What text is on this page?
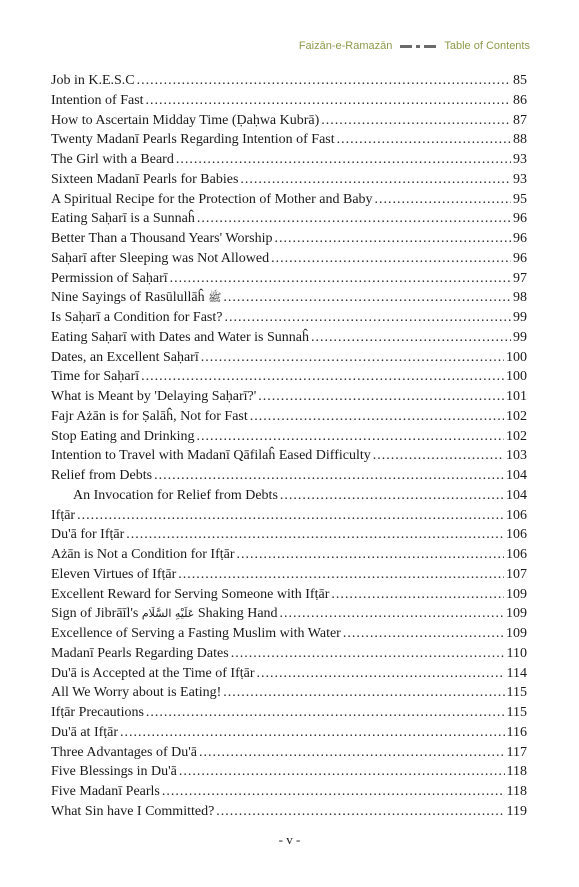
Faizān-e-Ramazān	Table of Contents
Job in K.E.S.C .....	85
Intention of Fast .....	86
How to Ascertain Midday Time (Ḍaḥwa Kubrā) .....	87
Twenty Madanī Pearls Regarding Intention of Fast .....	88
The Girl with a Beard .....	93
Sixteen Madanī Pearls for Babies .....	93
A Spiritual Recipe for the Protection of Mother and Baby .....	95
Eating Saḥarī is a Sunnaĥ .....	96
Better Than a Thousand Years' Worship .....	96
Saḥarī after Sleeping was Not Allowed .....	96
Permission of Saḥarī .....	97
Nine Sayings of Rasūlullāĥ ﷺ .....	98
Is Saḥarī a Condition for Fast? .....	99
Eating Saḥarī with Dates and Water is Sunnaĥ .....	99
Dates, an Excellent Saḥarī .....	100
Time for Saḥarī .....	100
What is Meant by 'Delaying Saḥarī?' .....	101
Fajr Ażān is for Ṣalāĥ, Not for Fast .....	102
Stop Eating and Drinking .....	102
Intention to Travel with Madanī Qāfilaĥ Eased Difficulty .....	103
Relief from Debts .....	104
An Invocation for Relief from Debts .....	104
Ifṭār .....	106
Du'ā for Ifṭār .....	106
Ażān is Not a Condition for Ifṭār .....	106
Eleven Virtues of Ifṭār .....	107
Excellent Reward for Serving Someone with Ifṭār .....	109
Sign of Jibrāīl's عَلَیْهِ السَّلَام Shaking Hand .....	109
Excellence of Serving a Fasting Muslim with Water .....	109
Madanī Pearls Regarding Dates .....	110
Du'ā is Accepted at the Time of Ifṭār .....	114
All We Worry about is Eating! .....	115
Ifṭār Precautions .....	115
Du'ā at Ifṭār .....	116
Three Advantages of Du'ā .....	117
Five Blessings in Du'ā .....	118
Five Madanī Pearls .....	118
What Sin have I Committed? .....	119
- v -
